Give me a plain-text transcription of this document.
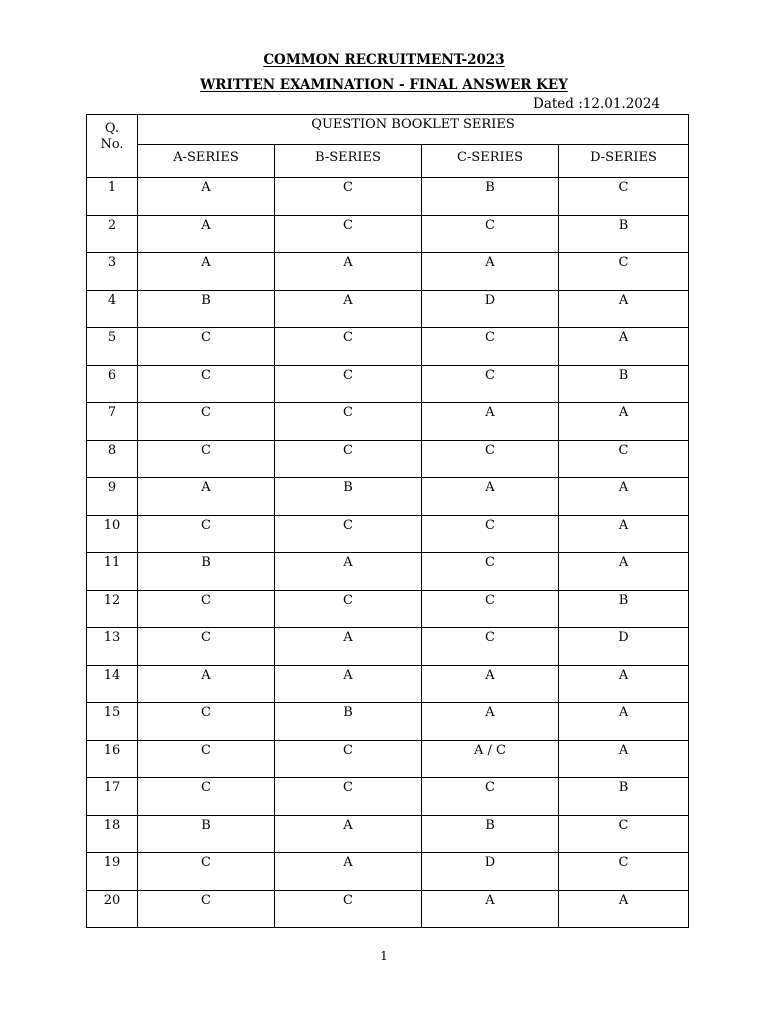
COMMON RECRUITMENT-2023
WRITTEN EXAMINATION - FINAL ANSWER KEY
Dated :12.01.2024
Q.
No.	QUESTION BOOKLET SERIES			
	A-SERIES	B-SERIES	C-SERIES	D-SERIES
1	A	C	B	C
2	A	C	C	B
3	A	A	A	C
4	B	A	D	A
5	C	C	C	A
6	C	C	C	B
7	C	C	A	A
8	C	C	C	C
9	A	B	A	A
10	C	C	C	A
11	B	A	C	A
12	C	C	C	B
13	C	A	C	D
14	A	A	A	A
15	C	B	A	A
16	C	C	A / C	A
17	C	C	C	B
18	B	A	B	C
19	C	A	D	C
20	C	C	A	A
1
